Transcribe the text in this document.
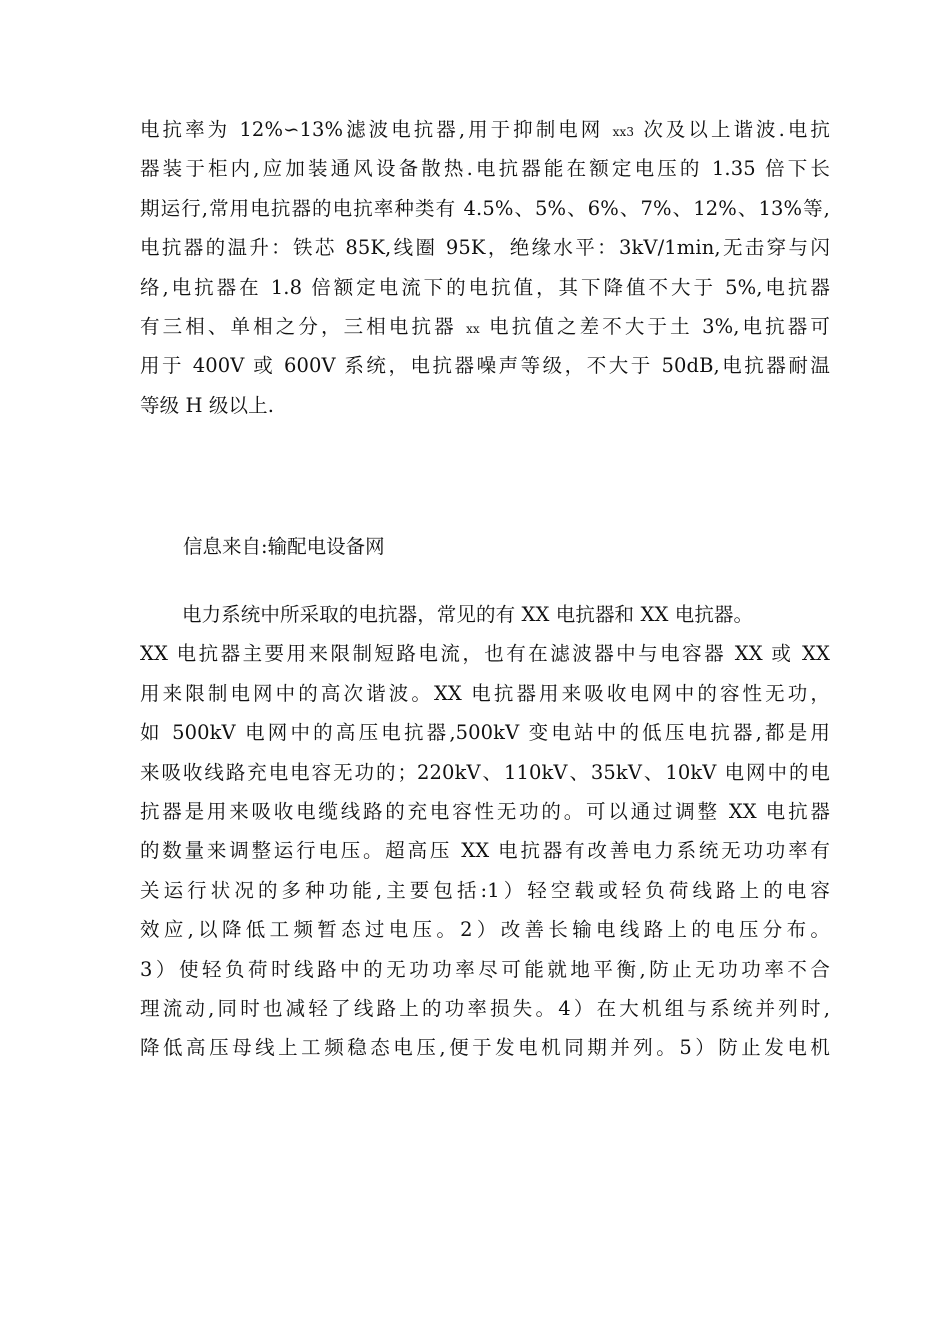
电抗率为 12%∽13%滤波电抗器,用于抑制电网 xx3 次及以上谐波.电抗
器装于柜内,应加装通风设备散热.电抗器能在额定电压的 1.35 倍下长
期运行,常用电抗器的电抗率种类有 4.5%、5%、6%、7%、12%、13%等,
电抗器的温升：铁芯 85K,线圈 95K，绝缘水平：3kV/1min,无击穿与闪
络,电抗器在 1.8 倍额定电流下的电抗值，其下降值不大于 5%,电抗器
有三相、单相之分，三相电抗器 xx 电抗值之差不大于土 3%,电抗器可
用于 400V 或 600V 系统，电抗器噪声等级，不大于 50dB,电抗器耐温
等级 H 级以上.
信息来自:输配电设备网
电力系统中所采取的电抗器，常见的有 XX 电抗器和 XX 电抗器。
XX 电抗器主要用来限制短路电流，也有在滤波器中与电容器 XX 或 XX
用来限制电网中的高次谐波。XX 电抗器用来吸收电网中的容性无功，
如 500kV 电网中的高压电抗器,500kV 变电站中的低压电抗器,都是用
来吸收线路充电电容无功的；220kV、110kV、35kV、10kV 电网中的电
抗器是用来吸收电缆线路的充电容性无功的。可以通过调整 XX 电抗器
的数量来调整运行电压。超高压 XX 电抗器有改善电力系统无功功率有
关运行状况的多种功能,主要包括:1）轻空载或轻负荷线路上的电容
效应,以降低工频暂态过电压。2）改善长输电线路上的电压分布。
3）使轻负荷时线路中的无功功率尽可能就地平衡,防止无功功率不合
理流动,同时也减轻了线路上的功率损失。4）在大机组与系统并列时,
降低高压母线上工频稳态电压,便于发电机同期并列。5）防止发电机
